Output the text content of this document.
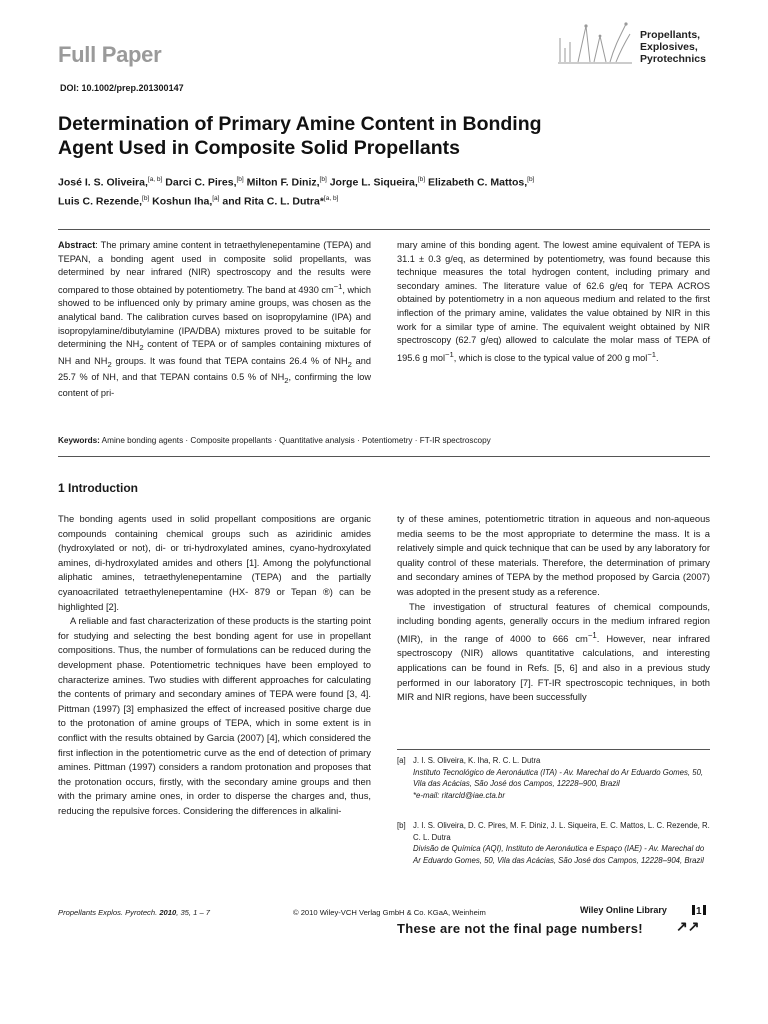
Full Paper
DOI: 10.1002/prep.201300147
Propellants,
Explosives,
Pyrotechnics
Determination of Primary Amine Content in Bonding
Agent Used in Composite Solid Propellants
José I. S. Oliveira,[a, b] Darci C. Pires,[b] Milton F. Diniz,[b] Jorge L. Siqueira,[b] Elizabeth C. Mattos,[b]
Luis C. Rezende,[b] Koshun Iha,[a] and Rita C. L. Dutra*[a, b]
Abstract: The primary amine content in tetraethylenepentamine (TEPA) and TEPAN, a bonding agent used in composite solid propellants, was determined by near infrared (NIR) spectroscopy and the results were compared to those obtained by potentiometry. The band at 4930 $cm^{-1}$, which showed to be influenced only by primary amine groups, was chosen as the analytical band. The calibration curves based on isopropylamine (IPA) and isopropylamine/dibutylamine (IPA/DBA) mixtures proved to be suitable for determining the $NH_2$ content of TEPA or of samples containing mixtures of NH and $NH_2$ groups. It was found that TEPA contains 26.4 % of $NH_2$ and 25.7 % of NH, and that TEPAN contains 0.5 % of $NH_2$, confirming the low content of pri-
mary amine of this bonding agent. The lowest amine equivalent of TEPA is 31.1 ± 0.3 g/eq, as determined by potentiometry, was found because this technique measures the total hydrogen content, including primary and secondary amines. The literature value of 62.6 g/eq for TEPA ACROS obtained by potentiometry in a non aqueous medium and related to the first inflection of the primary amine, validates the value obtained by NIR in this work for a similar type of amine. The equivalent weight obtained by NIR spectroscopy (62.7 g/eq) allowed to calculate the molar mass of TEPA of 195.6 g mol$^{-1}$, which is close to the typical value of 200 g mol$^{-1}$.
Keywords: Amine bonding agents · Composite propellants · Quantitative analysis · Potentiometry · FT-IR spectroscopy
1 Introduction

The bonding agents used in solid propellant compositions are organic compounds containing chemical groups such as aziridinic amides (hydroxylated or not), di- or tri-hydroxylated amines, cyano-hydroxylated amines, di-hydroxylated amides and others [1]. Among the polyfunctional aliphatic amines, tetraethylenepentamine (TEPA) and the partially cyanoacrilated tetraethylenepentamine (HX- 879 or Tepan ®) can be highlighted [2].

A reliable and fast characterization of these products is the starting point for studying and selecting the best bonding agent for use in propellant compositions. Thus, the number of formulations can be reduced during the development phase. Potentiometric techniques have been employed to characterize amines. Two studies with different approaches for calculating the contents of primary and secondary amines of TEPA were found [3, 4]. Pittman (1997) [3] emphasized the effect of increased positive charge due to the protonation of amine groups of TEPA, which in some extent is in conflict with the results obtained by Garcia (2007) [4], which considered the first inflection in the potentiometric curve as the end of detection of primary amines. Pittman (1997) considers a random protonation and proposes that the protonation occurs, firstly, with the secondary amine groups and then with the primary amine ones, in order to disperse the charges and, thus, reducing the repulsive forces. Considering the differences in alkalini-

ty of these amines, potentiometric titration in aqueous and non-aqueous media seems to be the most appropriate to determine the mass. It is a relatively simple and quick technique that can be used by any laboratory for quality control of these materials. Therefore, the determination of primary and secondary amines of TEPA by the method proposed by Garcia (2007) was adopted in the present study as a reference.

The investigation of structural features of chemical compounds, including bonding agents, generally occurs in the medium infrared region (MIR), in the range of 4000 to 666 $cm^{-1}$. However, near infrared spectroscopy (NIR) allows quantitative calculations, and interesting applications can be found in Refs. [5, 6] and also in a previous study performed in our laboratory [7]. FT-IR spectroscopic techniques, in both MIR and NIR regions, have been successfully

[a] J. I. S. Oliveira, K. Iha, R. C. L. Dutra
Instituto Tecnológico de Aeronáutica (ITA) - Av. Marechal do Ar Eduardo Gomes, 50, Vila das Acácias, São José dos Campos, 12228–900, Brazil
*e-mail: ritarcld@iae.cta.br
[b] J. I. S. Oliveira, D. C. Pires, M. F. Diniz, J. L. Siqueira, E. C. Mattos, L. C. Rezende, R. C. L. Dutra
Divisão de Química (AQI), Instituto de Aeronáutica e Espaço (IAE) - Av. Marechal do Ar Eduardo Gomes, 50, Vila das Acácias, São José dos Campos, 12228–904, Brazil
Propellants Explos. Pyrotech. 2010, 35, 1 – 7	© 2010 Wiley-VCH Verlag GmbH & Co. KGaA, Weinheim	Wiley Online Library	1
These are not the final page numbers! ↗↗
